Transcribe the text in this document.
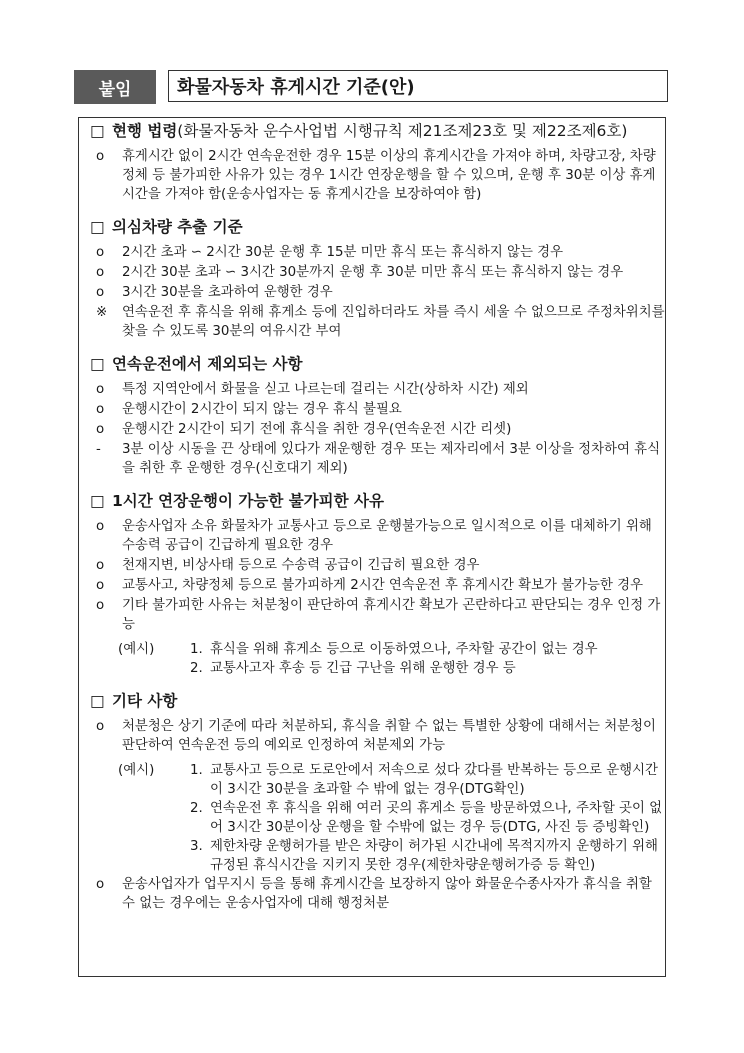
붙임	화물자동차 휴게시간 기준(안)
□ 현행 법령 (화물자동차 운수사업법 시행규칙 제21조제23호 및 제22조제6호)
o	휴게시간 없이 2시간 연속운전한 경우 15분 이상의 휴게시간을 가져야 하며, 차량고장, 차량정체 등 불가피한 사유가 있는 경우 1시간 연장운행을 할 수 있으며, 운행 후 30분 이상 휴게시간을 가져야 함(운송사업자는 동 휴게시간을 보장하여야 함)
□ 의심차량 추출 기준
o	2시간 초과 ∽ 2시간 30분 운행 후 15분 미만 휴식 또는 휴식하지 않는 경우
o	2시간 30분 초과 ∽ 3시간 30분까지 운행 후 30분 미만 휴식 또는 휴식하지 않는 경우
o	3시간 30분을 초과하여 운행한 경우
※	연속운전 후 휴식을 위해 휴게소 등에 진입하더라도 차를 즉시 세울 수 없으므로 주정차위치를 찾을 수 있도록 30분의 여유시간 부여
□ 연속운전에서 제외되는 사항
o	특정 지역안에서 화물을 싣고 나르는데 걸리는 시간(상하차 시간) 제외
o	운행시간이 2시간이 되지 않는 경우 휴식 불필요
o	운행시간 2시간이 되기 전에 휴식을 취한 경우(연속운전 시간 리셋)
-	3분 이상 시동을 끈 상태에 있다가 재운행한 경우 또는 제자리에서 3분 이상을 정차하여 휴식을 취한 후 운행한 경우(신호대기 제외)
□ 1시간 연장운행이 가능한 불가피한 사유
o	운송사업자 소유 화물차가 교통사고 등으로 운행불가능으로 일시적으로 이를 대체하기 위해 수송력 공급이 긴급하게 필요한 경우
o	천재지변, 비상사태 등으로 수송력 공급이 긴급히 필요한 경우
o	교통사고, 차량정체 등으로 불가피하게 2시간 연속운전 후 휴게시간 확보가 불가능한 경우
o	기타 불가피한 사유는 처분청이 판단하여 휴게시간 확보가 곤란하다고 판단되는 경우 인정 가능
(예시)	1. 휴식을 위해 휴게소 등으로 이동하였으나, 주차할 공간이 없는 경우
2. 교통사고자 후송 등 긴급 구난을 위해 운행한 경우 등
□ 기타 사항
o	처분청은 상기 기준에 따라 처분하되, 휴식을 취할 수 없는 특별한 상황에 대해서는 처분청이 판단하여 연속운전 등의 예외로 인정하여 처분제외 가능
(예시)	1. 교통사고 등으로 도로안에서 저속으로 섰다 갔다를 반복하는 등으로 운행시간이 3시간 30분을 초과할 수 밖에 없는 경우(DTG확인)
2. 연속운전 후 휴식을 위해 여러 곳의 휴게소 등을 방문하였으나, 주차할 곳이 없어 3시간 30분이상 운행을 할 수밖에 없는 경우 등(DTG, 사진 등 증빙확인)
3. 제한차량 운행허가를 받은 차량이 허가된 시간내에 목적지까지 운행하기 위해 규정된 휴식시간을 지키지 못한 경우(제한차량운행허가증 등 확인)
o	운송사업자가 업무지시 등을 통해 휴게시간을 보장하지 않아 화물운수종사자가 휴식을 취할 수 없는 경우에는 운송사업자에 대해 행정처분
